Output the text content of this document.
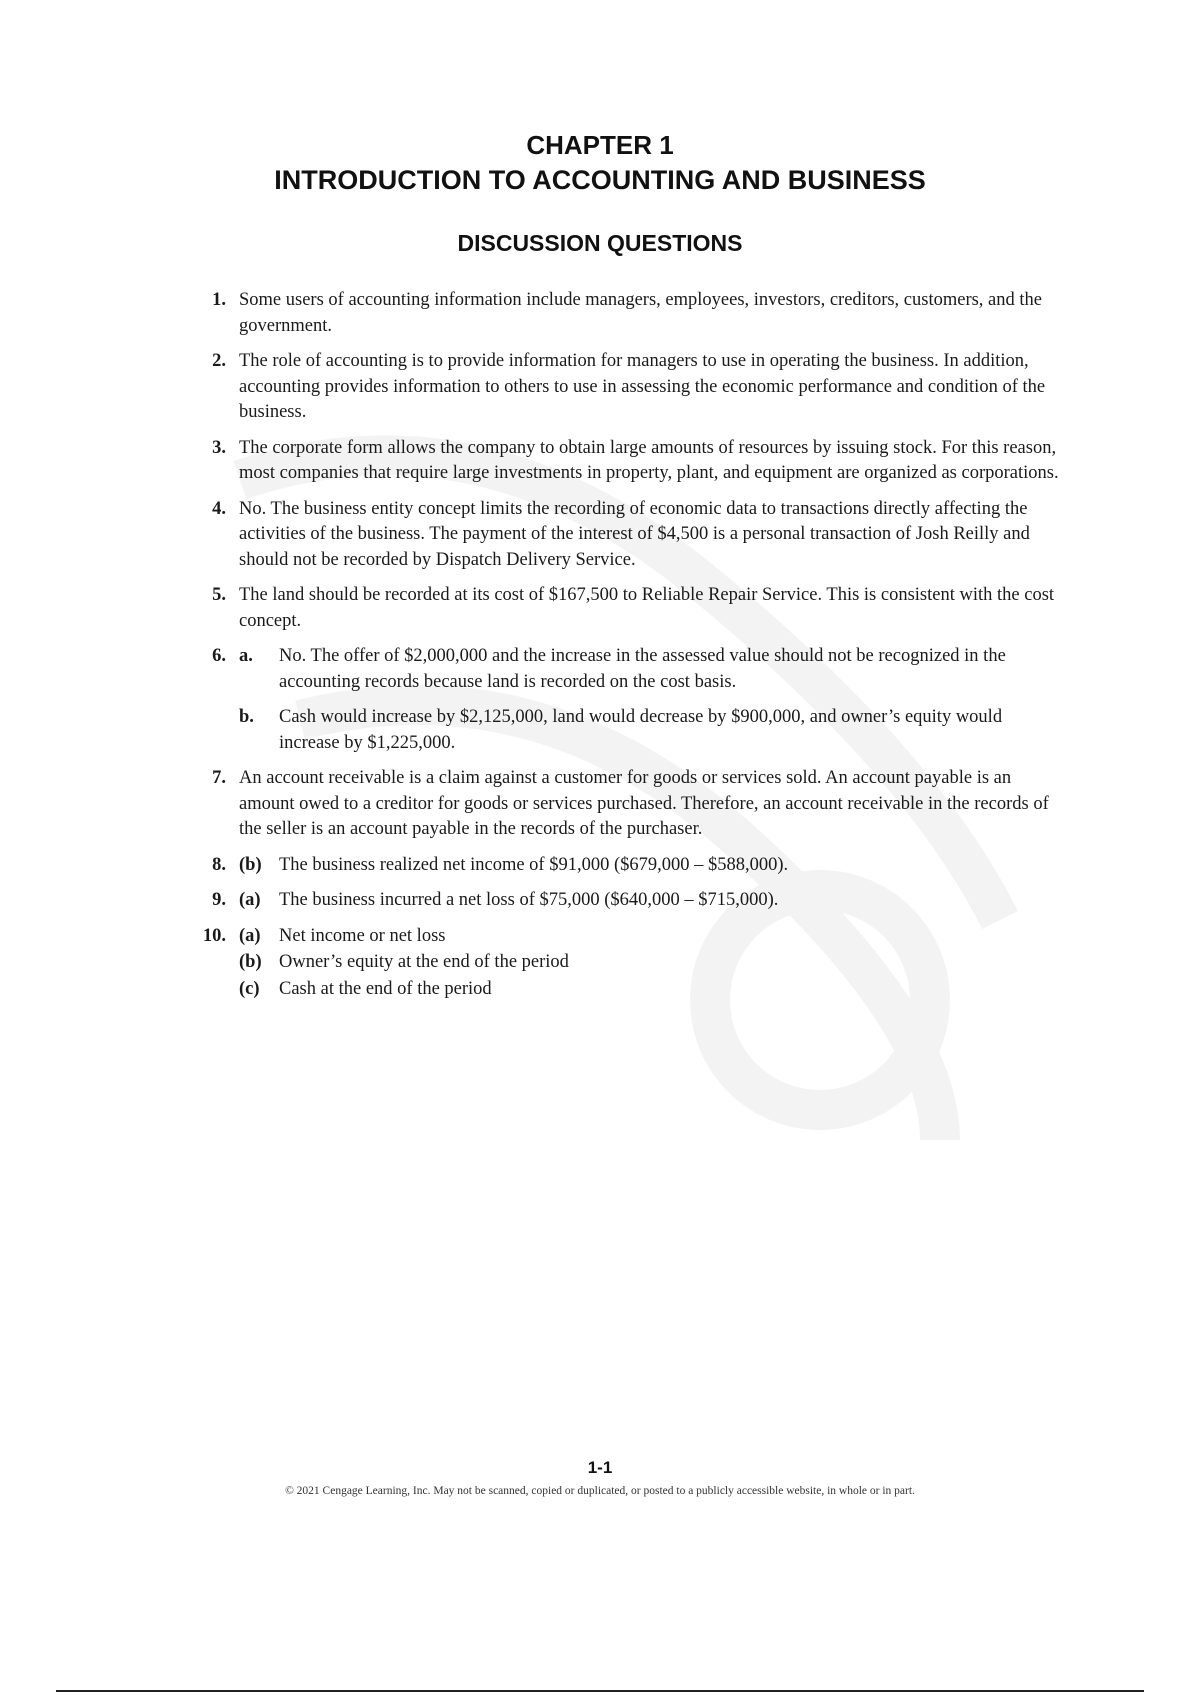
CHAPTER 1
INTRODUCTION TO ACCOUNTING AND BUSINESS
DISCUSSION QUESTIONS
1. Some users of accounting information include managers, employees, investors, creditors, customers, and the government.
2. The role of accounting is to provide information for managers to use in operating the business. In addition, accounting provides information to others to use in assessing the economic performance and condition of the business.
3. The corporate form allows the company to obtain large amounts of resources by issuing stock. For this reason, most companies that require large investments in property, plant, and equipment are organized as corporations.
4. No. The business entity concept limits the recording of economic data to transactions directly affecting the activities of the business. The payment of the interest of $4,500 is a personal transaction of Josh Reilly and should not be recorded by Dispatch Delivery Service.
5. The land should be recorded at its cost of $167,500 to Reliable Repair Service. This is consistent with the cost concept.
6. a. No. The offer of $2,000,000 and the increase in the assessed value should not be recognized in the accounting records because land is recorded on the cost basis.
b. Cash would increase by $2,125,000, land would decrease by $900,000, and owner’s equity would increase by $1,225,000.
7. An account receivable is a claim against a customer for goods or services sold. An account payable is an amount owed to a creditor for goods or services purchased. Therefore, an account receivable in the records of the seller is an account payable in the records of the purchaser.
8. (b) The business realized net income of $91,000 ($679,000 – $588,000).
9. (a) The business incurred a net loss of $75,000 ($640,000 – $715,000).
10. (a) Net income or net loss
(b) Owner’s equity at the end of the period
(c) Cash at the end of the period
1-1
© 2021 Cengage Learning, Inc. May not be scanned, copied or duplicated, or posted to a publicly accessible website, in whole or in part.
